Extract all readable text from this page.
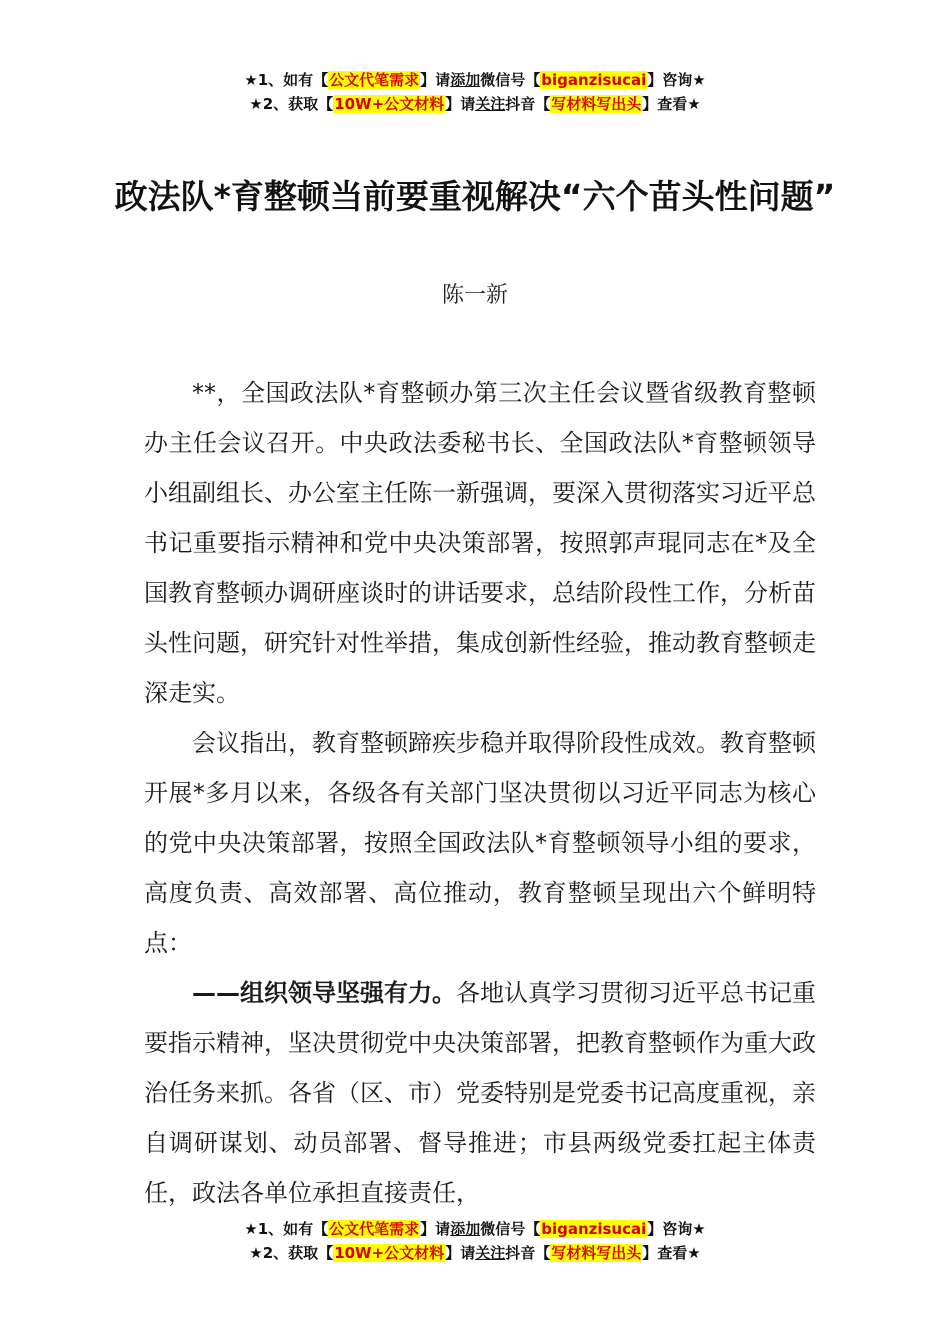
★1、如有【公文代笔需求】请添加微信号【biganzisucai】咨询★
★2、获取【10W+公文材料】请关注抖音【写材料写出头】查看★
政法队*育整顿当前要重视解决“六个苗头性问题”
陈一新

**，全国政法队*育整顿办第三次主任会议暨省级教育整顿办主任会议召开。中央政法委秘书长、全国政法队*育整顿领导小组副组长、办公室主任陈一新强调，要深入贯彻落实习近平总书记重要指示精神和党中央决策部署，按照郭声琨同志在*及全国教育整顿办调研座谈时的讲话要求，总结阶段性工作，分析苗头性问题，研究针对性举措，集成创新性经验，推动教育整顿走深走实。

会议指出，教育整顿蹄疾步稳并取得阶段性成效。教育整顿开展*多月以来，各级各有关部门坚决贯彻以习近平同志为核心的党中央决策部署，按照全国政法队*育整顿领导小组的要求，高度负责、高效部署、高位推动，教育整顿呈现出六个鲜明特点：

——组织领导坚强有力。各地认真学习贯彻习近平总书记重要指示精神，坚决贯彻党中央决策部署，把教育整顿作为重大政治任务来抓。各省（区、市）党委特别是党委书记高度重视，亲自调研谋划、动员部署、督导推进；市县两级党委扛起主体责任，政法各单位承担直接责任，

★1、如有【公文代笔需求】请添加微信号【biganzisucai】咨询★
★2、获取【10W+公文材料】请关注抖音【写材料写出头】查看★
